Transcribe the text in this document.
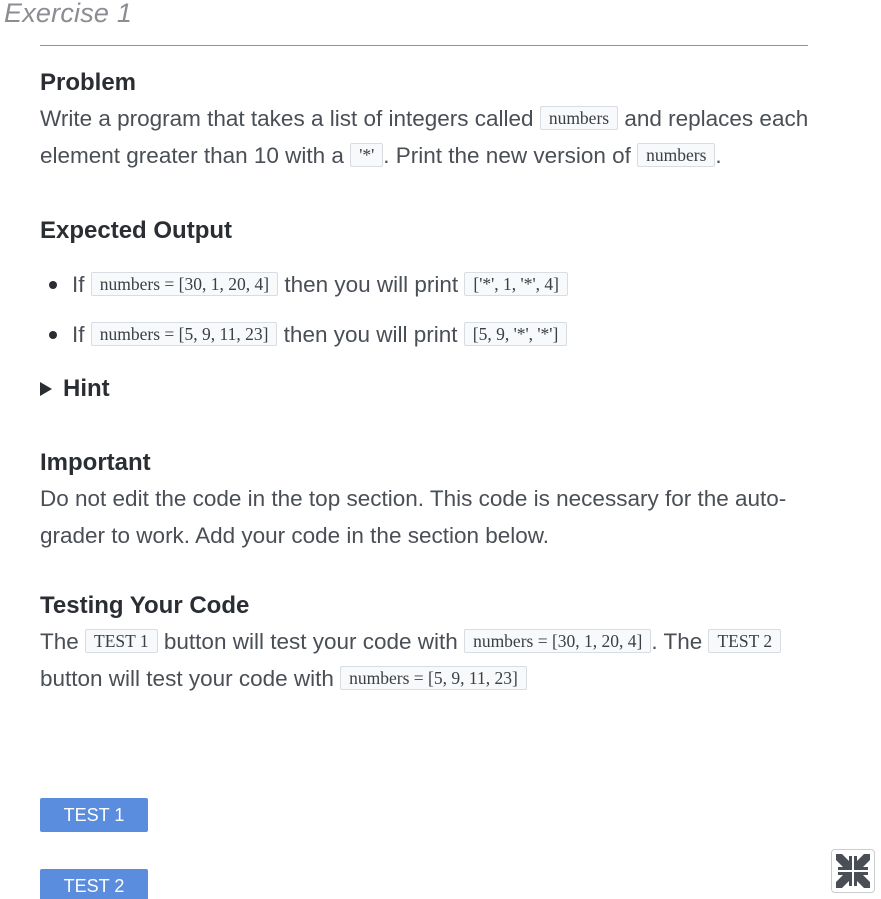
Exercise 1
Problem

Write a program that takes a list of integers called numbers and replaces each element greater than 10 with a '*' . Print the new version of numbers .

Expected Output
If numbers = [30, 1, 20, 4] then you will print ['*', 1, '*', 4]
If numbers = [5, 9, 11, 23] then you will print [5, 9, '*', '*']
Hint
Important

Do not edit the code in the top section. This code is necessary for the auto-grader to work. Add your code in the section below.

Testing Your Code

The TEST 1 button will test your code with numbers = [30, 1, 20, 4] . The TEST 2 button will test your code with numbers = [5, 9, 11, 23]

TEST 1
TEST 2
